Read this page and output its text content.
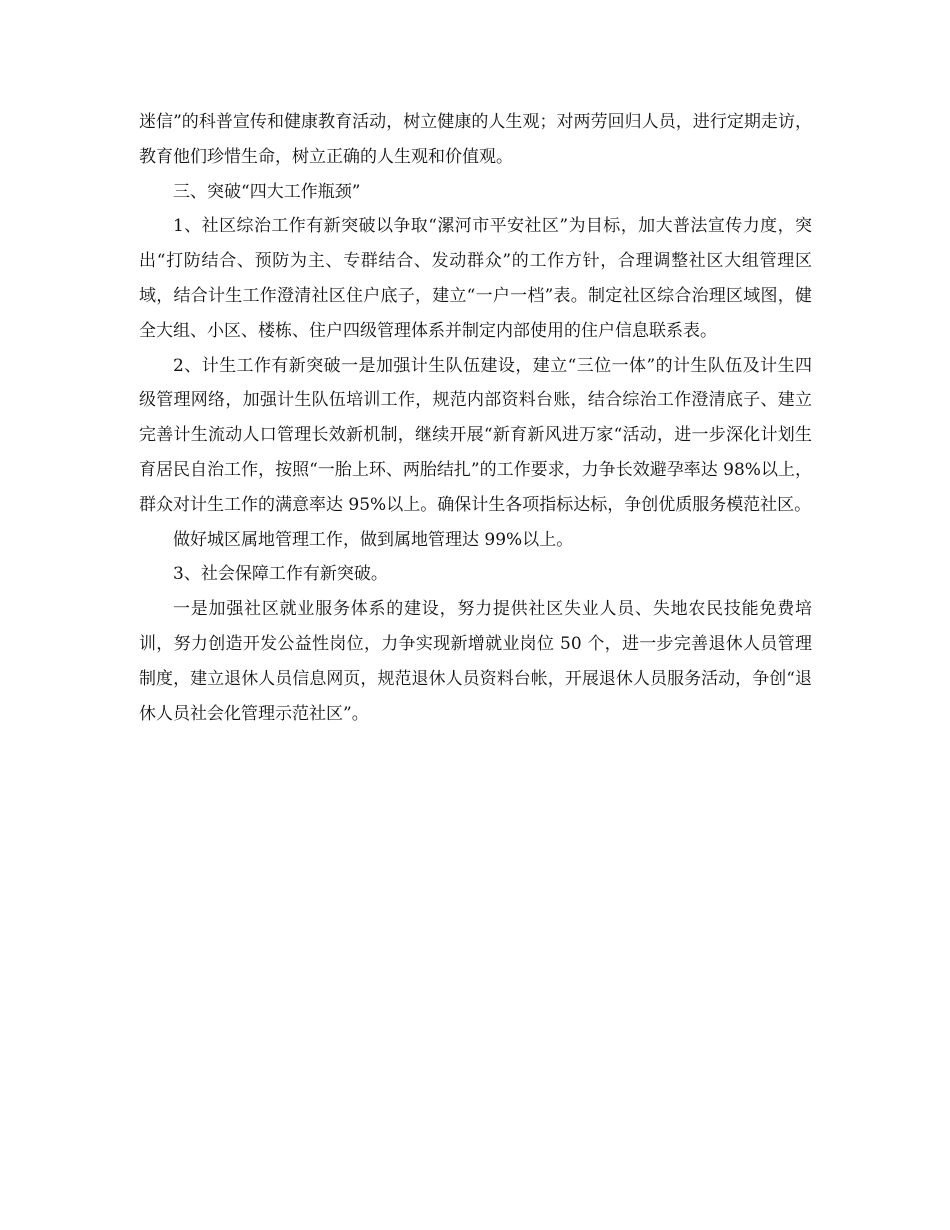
迷信”的科普宣传和健康教育活动，树立健康的人生观；对两劳回归人员，进行定期走访，教育他们珍惜生命，树立正确的人生观和价值观。

三、突破“四大工作瓶颈”

1、社区综治工作有新突破以争取“漯河市平安社区”为目标，加大普法宣传力度，突出“打防结合、预防为主、专群结合、发动群众”的工作方针，合理调整社区大组管理区域，结合计生工作澄清社区住户底子，建立“一户一档”表。制定社区综合治理区域图，健全大组、小区、楼栋、住户四级管理体系并制定内部使用的住户信息联系表。

2、计生工作有新突破一是加强计生队伍建设，建立“三位一体”的计生队伍及计生四级管理网络，加强计生队伍培训工作，规范内部资料台账，结合综治工作澄清底子、建立完善计生流动人口管理长效新机制，继续开展“新育新风进万家“活动，进一步深化计划生育居民自治工作，按照“一胎上环、两胎结扎”的工作要求，力争长效避孕率达 98%以上，群众对计生工作的满意率达 95%以上。确保计生各项指标达标，争创优质服务模范社区。

做好城区属地管理工作，做到属地管理达 99%以上。

3、社会保障工作有新突破。

一是加强社区就业服务体系的建设，努力提供社区失业人员、失地农民技能免费培训，努力创造开发公益性岗位，力争实现新增就业岗位 50 个，进一步完善退休人员管理制度，建立退休人员信息网页，规范退休人员资料台帐，开展退休人员服务活动，争创“退休人员社会化管理示范社区”。
